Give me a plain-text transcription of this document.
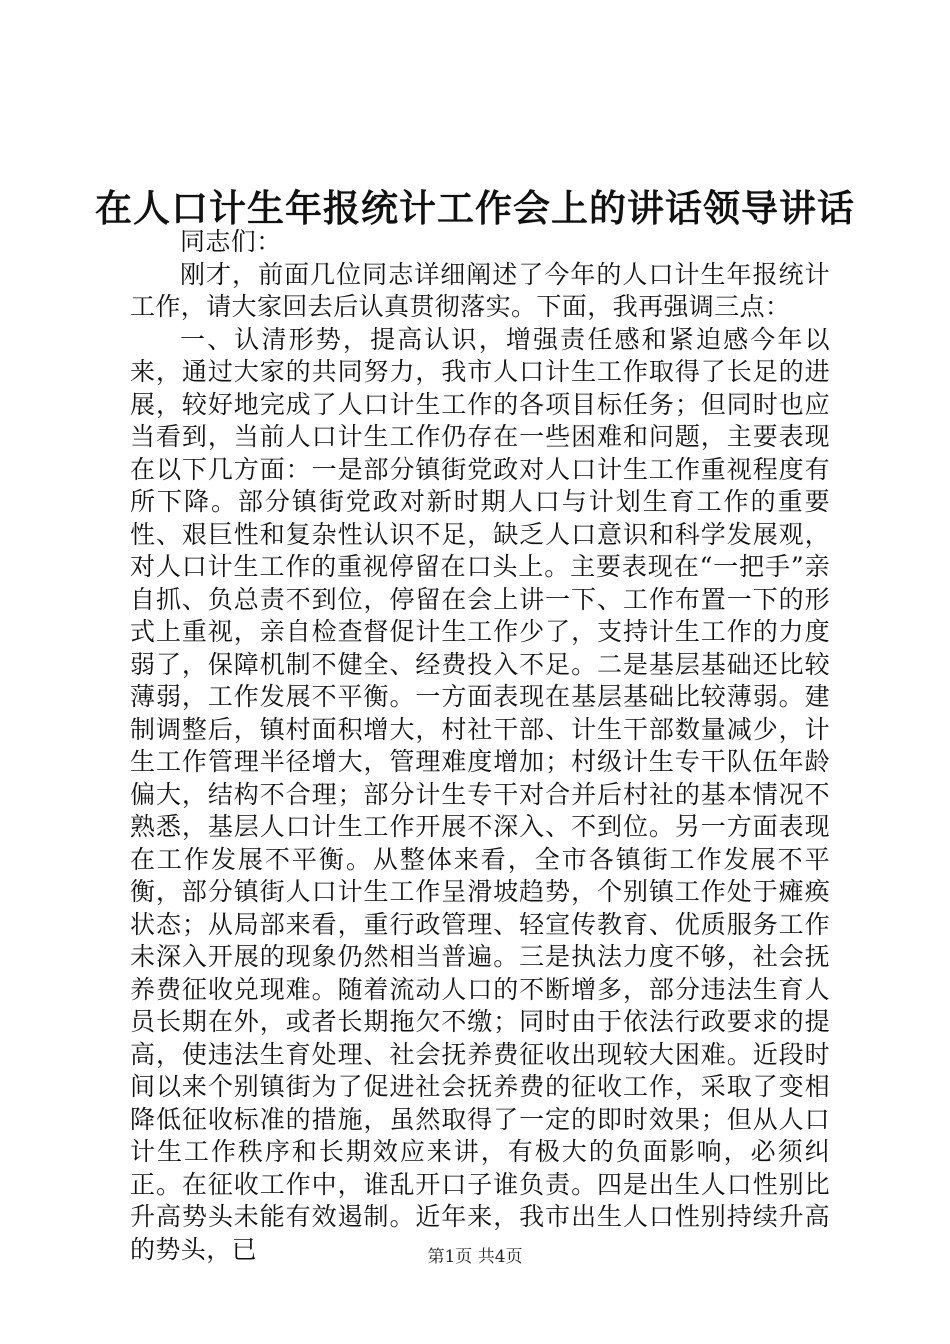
在人口计生年报统计工作会上的讲话领导讲话

同志们：

刚才，前面几位同志详细阐述了今年的人口计生年报统计工作，请大家回去后认真贯彻落实。下面，我再强调三点：

一、认清形势，提高认识，增强责任感和紧迫感今年以来，通过大家的共同努力，我市人口计生工作取得了长足的进展，较好地完成了人口计生工作的各项目标任务；但同时也应当看到，当前人口计生工作仍存在一些困难和问题，主要表现在以下几方面：一是部分镇街党政对人口计生工作重视程度有所下降。部分镇街党政对新时期人口与计划生育工作的重要性、艰巨性和复杂性认识不足，缺乏人口意识和科学发展观，对人口计生工作的重视停留在口头上。主要表现在“一把手”亲自抓、负总责不到位，停留在会上讲一下、工作布置一下的形式上重视，亲自检查督促计生工作少了，支持计生工作的力度弱了，保障机制不健全、经费投入不足。二是基层基础还比较薄弱，工作发展不平衡。一方面表现在基层基础比较薄弱。建制调整后，镇村面积增大，村社干部、计生干部数量减少，计生工作管理半径增大，管理难度增加；村级计生专干队伍年龄偏大，结构不合理；部分计生专干对合并后村社的基本情况不熟悉，基层人口计生工作开展不深入、不到位。另一方面表现在工作发展不平衡。从整体来看，全市各镇街工作发展不平衡，部分镇街人口计生工作呈滑坡趋势，个别镇工作处于瘫痪状态；从局部来看，重行政管理、轻宣传教育、优质服务工作未深入开展的现象仍然相当普遍。三是执法力度不够，社会抚养费征收兑现难。随着流动人口的不断增多，部分违法生育人员长期在外，或者长期拖欠不缴；同时由于依法行政要求的提高，使违法生育处理、社会抚养费征收出现较大困难。近段时间以来个别镇街为了促进社会抚养费的征收工作，采取了变相降低征收标准的措施，虽然取得了一定的即时效果；但从人口计生工作秩序和长期效应来讲，有极大的负面影响，必须纠正。在征收工作中，谁乱开口子谁负责。四是出生人口性别比升高势头未能有效遏制。近年来，我市出生人口性别持续升高的势头，已	第1页 共4页
